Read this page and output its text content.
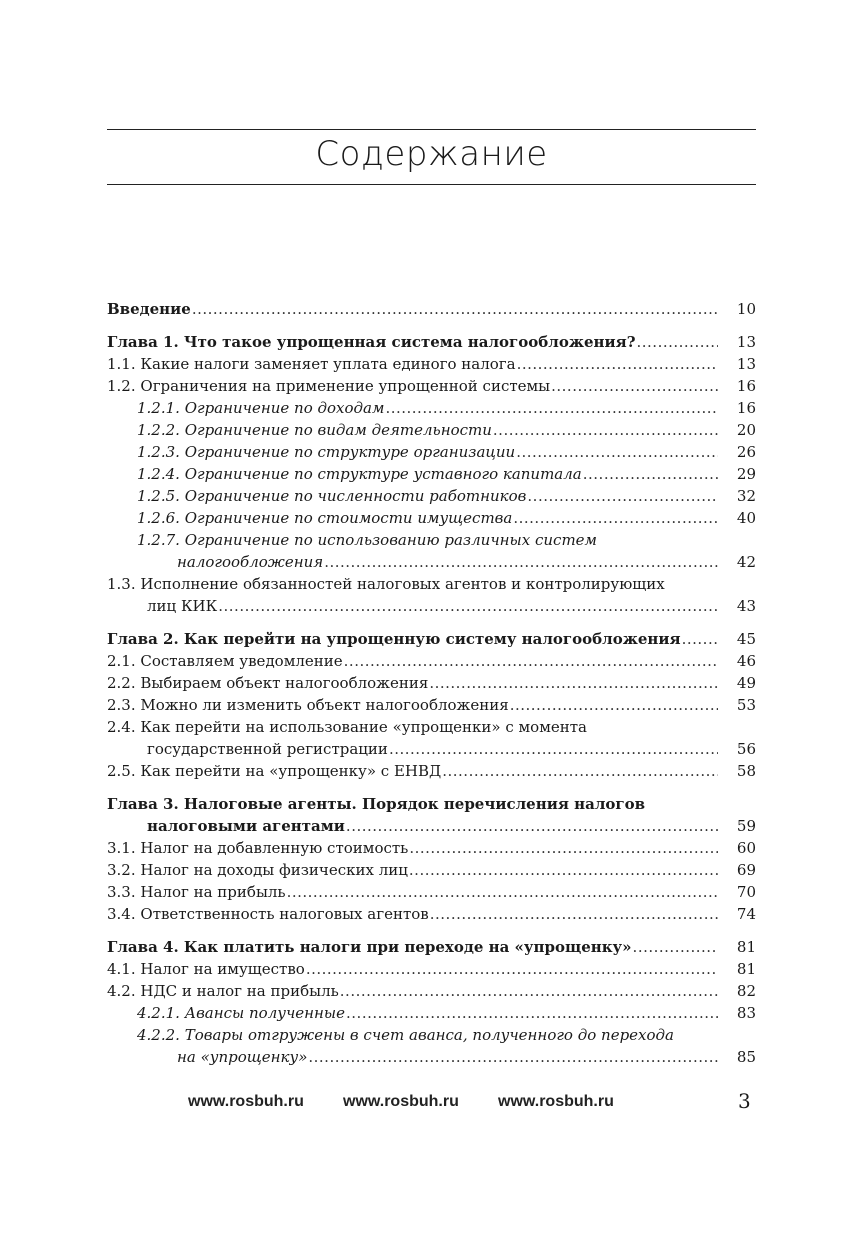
Содержание
Введение .....	10
Глава 1. Что такое упрощенная система налогообложения? .....	13
1.1. Какие налоги заменяет уплата единого налога .....	13
1.2. Ограничения на применение упрощенной системы .....	16
1.2.1. Ограничение по доходам .....	16
1.2.2. Ограничение по видам деятельности .....	20
1.2.3. Ограничение по структуре организации .....	26
1.2.4. Ограничение по структуре уставного капитала .....	29
1.2.5. Ограничение по численности работников .....	32
1.2.6. Ограничение по стоимости имущества .....	40
1.2.7. Ограничение по использованию различных систем
налогообложения .....	42
1.3. Исполнение обязанностей налоговых агентов и контролирующих
лиц КИК .....	43
Глава 2. Как перейти на упрощенную систему налогообложения .....	45
2.1. Составляем уведомление .....	46
2.2. Выбираем объект налогообложения .....	49
2.3. Можно ли изменить объект налогообложения .....	53
2.4. Как перейти на использование «упрощенки» с момента
государственной регистрации .....	56
2.5. Как перейти на «упрощенку» с ЕНВД .....	58
Глава 3. Налоговые агенты. Порядок перечисления налогов
налоговыми агентами .....	59
3.1. Налог на добавленную стоимость .....	60
3.2. Налог на доходы физических лиц .....	69
3.3. Налог на прибыль .....	70
3.4. Ответственность налоговых агентов .....	74
Глава 4. Как платить налоги при переходе на «упрощенку» .....	81
4.1. Налог на имущество .....	81
4.2. НДС и налог на прибыль .....	82
4.2.1. Авансы полученные .....	83
4.2.2. Товары отгружены в счет аванса, полученного до перехода
на «упрощенку» .....	85
www.rosbuh.ru www.rosbuh.ru www.rosbuh.ru	3
